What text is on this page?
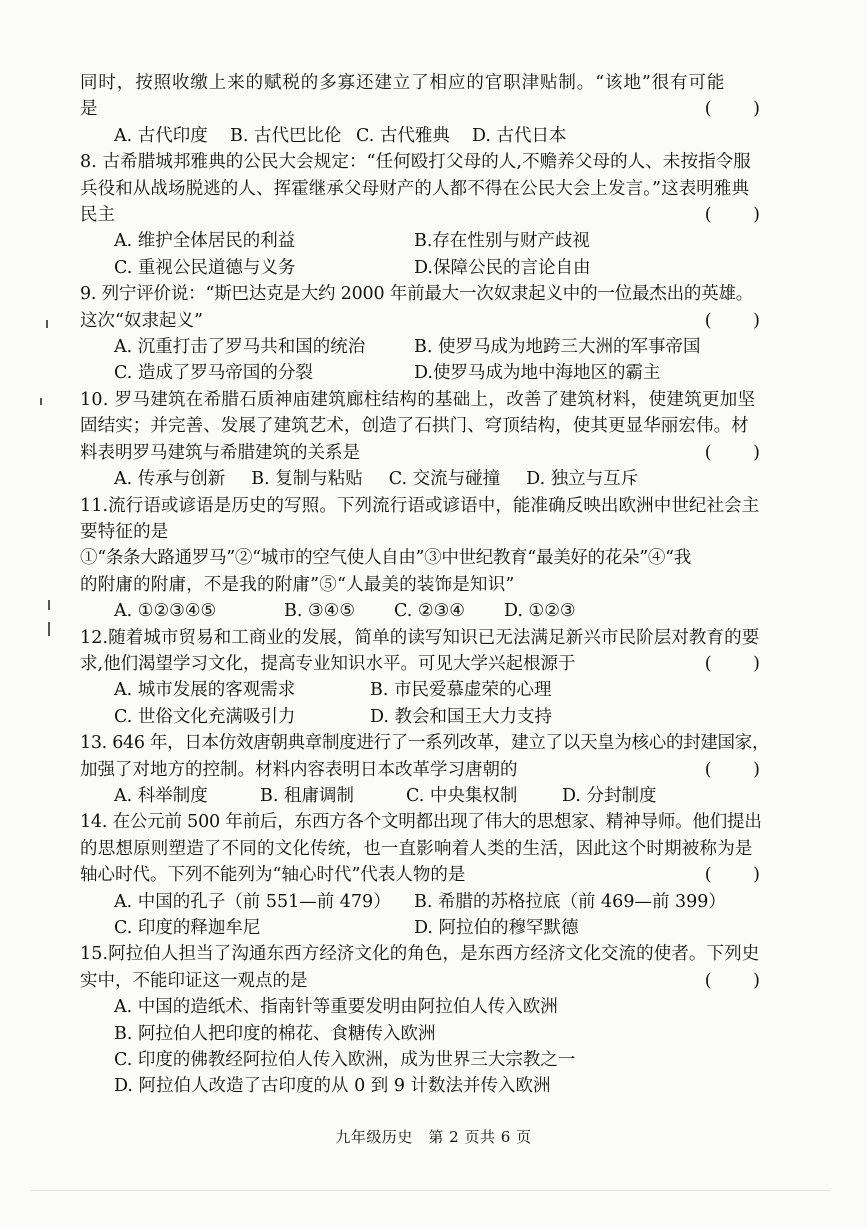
同时，按照收缴上来的赋税的多寡还建立了相应的官职津贴制。“该地”很有可能
是	( )
A. 古代印度	B. 古代巴比伦 C. 古代雅典	D. 古代日本
8. 古希腊城邦雅典的公民大会规定：“任何殴打父母的人,不赡养父母的人、未按指令服
兵役和从战场脱逃的人、挥霍继承父母财产的人都不得在公民大会上发言。”这表明雅典
民主	( )
A. 维护全体居民的利益	B.存在性别与财产歧视
C. 重视公民道德与义务	D.保障公民的言论自由
9. 列宁评价说：“斯巴达克是大约 2000 年前最大一次奴隶起义中的一位最杰出的英雄。
这次“奴隶起义”	( )
A. 沉重打击了罗马共和国的统治	B. 使罗马成为地跨三大洲的军事帝国
C. 造成了罗马帝国的分裂	D.使罗马成为地中海地区的霸主
10. 罗马建筑在希腊石质神庙建筑廊柱结构的基础上，改善了建筑材料，使建筑更加坚
固结实；并完善、发展了建筑艺术，创造了石拱门、穹顶结构，使其更显华丽宏伟。材
料表明罗马建筑与希腊建筑的关系是	( )
A. 传承与创新 B. 复制与粘贴 C. 交流与碰撞 D. 独立与互斥
11.流行语或谚语是历史的写照。下列流行语或谚语中，能准确反映出欧洲中世纪社会主
要特征的是
①“条条大路通罗马”②“城市的空气使人自由”③中世纪教育“最美好的花朵”④“我
的附庸的附庸，不是我的附庸”⑤“人最美的装饰是知识”
A. ①②③④⑤	B. ③④⑤	C. ②③④	D. ①②③
12.随着城市贸易和工商业的发展，简单的读写知识已无法满足新兴市民阶层对教育的要
求,他们渴望学习文化，提高专业知识水平。可见大学兴起根源于	( )
A. 城市发展的客观需求	B. 市民爱慕虚荣的心理
C. 世俗文化充满吸引力	D. 教会和国王大力支持
13. 646 年，日本仿效唐朝典章制度进行了一系列改革，建立了以天皇为核心的封建国家，
加强了对地方的控制。材料内容表明日本改革学习唐朝的	( )
A. 科举制度	B. 租庸调制	C. 中央集权制	D. 分封制度
14. 在公元前 500 年前后，东西方各个文明都出现了伟大的思想家、精神导师。他们提出
的思想原则塑造了不同的文化传统，也一直影响着人类的生活，因此这个时期被称为是
轴心时代。下列不能列为“轴心时代”代表人物的是	( )
A. 中国的孔子（前 551—前 479）	B. 希腊的苏格拉底（前 469—前 399）
C. 印度的释迦牟尼	D. 阿拉伯的穆罕默德
15.阿拉伯人担当了沟通东西方经济文化的角色，是东西方经济文化交流的使者。下列史
实中，不能印证这一观点的是	( )
A. 中国的造纸术、指南针等重要发明由阿拉伯人传入欧洲
B. 阿拉伯人把印度的棉花、食糖传入欧洲
C. 印度的佛教经阿拉伯人传入欧洲，成为世界三大宗教之一
D. 阿拉伯人改造了古印度的从 0 到 9 计数法并传入欧洲
九年级历史　第 2 页共 6 页
